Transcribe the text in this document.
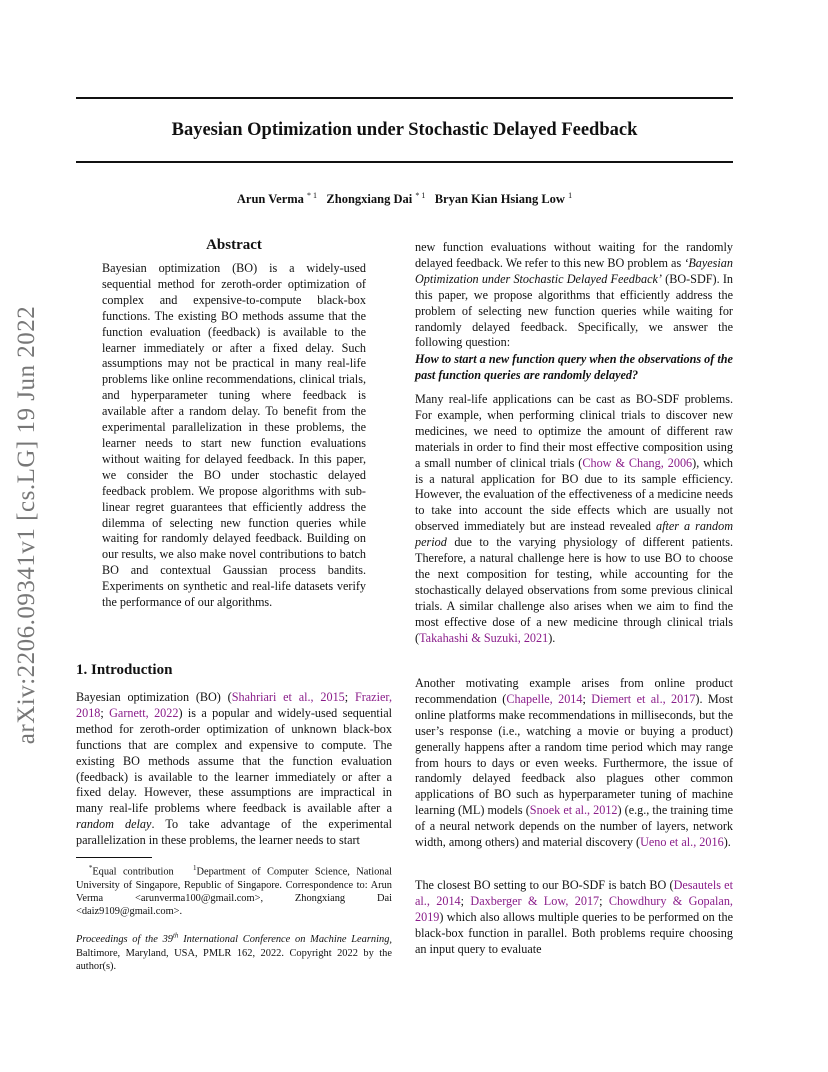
Bayesian Optimization under Stochastic Delayed Feedback
Arun Verma $^{* 1}$ Zhongxiang Dai $^{* 1}$ Bryan Kian Hsiang Low $^1$
arXiv:2206.09341v1 [cs.LG] 19 Jun 2022
Abstract

Bayesian optimization (BO) is a widely-used sequential method for zeroth-order optimization of complex and expensive-to-compute black-box functions. The existing BO methods assume that the function evaluation (feedback) is available to the learner immediately or after a fixed delay. Such assumptions may not be practical in many real-life problems like online recommendations, clinical trials, and hyperparameter tuning where feedback is available after a random delay. To benefit from the experimental parallelization in these problems, the learner needs to start new function evaluations without waiting for delayed feedback. In this paper, we consider the BO under stochastic delayed feedback problem. We propose algorithms with sub-linear regret guarantees that efficiently address the dilemma of selecting new function queries while waiting for randomly delayed feedback. Building on our results, we also make novel contributions to batch BO and contextual Gaussian process bandits. Experiments on synthetic and real-life datasets verify the performance of our algorithms.

1. Introduction

Bayesian optimization (BO) (Shahriari et al., 2015; Frazier, 2018; Garnett, 2022) is a popular and widely-used sequential method for zeroth-order optimization of unknown black-box functions that are complex and expensive to compute. The existing BO methods assume that the function evaluation (feedback) is available to the learner immediately or after a fixed delay. However, these assumptions are impractical in many real-life problems where feedback is available after a random delay. To take advantage of the experimental parallelization in these problems, the learner needs to start

*Equal contribution	$^1$Department of Computer Science, National University of Singapore, Republic of Singapore. Correspondence to: Arun Verma <arunverma100@gmail.com>, Zhongxiang Dai <daiz9109@gmail.com>.

Proceedings of the 39th International Conference on Machine Learning, Baltimore, Maryland, USA, PMLR 162, 2022. Copyright 2022 by the author(s).

new function evaluations without waiting for the randomly delayed feedback. We refer to this new BO problem as ‘Bayesian Optimization under Stochastic Delayed Feedback’ (BO-SDF). In this paper, we propose algorithms that efficiently address the problem of selecting new function queries while waiting for randomly delayed feedback. Specifically, we answer the following question:

How to start a new function query when the observations of the past function queries are randomly delayed?

Many real-life applications can be cast as BO-SDF problems. For example, when performing clinical trials to discover new medicines, we need to optimize the amount of different raw materials in order to find their most effective composition using a small number of clinical trials (Chow & Chang, 2006), which is a natural application for BO due to its sample efficiency. However, the evaluation of the effectiveness of a medicine needs to take into account the side effects which are usually not observed immediately but are instead revealed after a random period due to the varying physiology of different patients. Therefore, a natural challenge here is how to use BO to choose the next composition for testing, while accounting for the stochastically delayed observations from some previous clinical trials. A similar challenge also arises when we aim to find the most effective dose of a new medicine through clinical trials (Takahashi & Suzuki, 2021).

Another motivating example arises from online product recommendation (Chapelle, 2014; Diemert et al., 2017). Most online platforms make recommendations in milliseconds, but the user’s response (i.e., watching a movie or buying a product) generally happens after a random time period which may range from hours to days or even weeks. Furthermore, the issue of randomly delayed feedback also plagues other common applications of BO such as hyperparameter tuning of machine learning (ML) models (Snoek et al., 2012) (e.g., the training time of a neural network depends on the number of layers, network width, among others) and material discovery (Ueno et al., 2016).

The closest BO setting to our BO-SDF is batch BO (Desautels et al., 2014; Daxberger & Low, 2017; Chowdhury & Gopalan, 2019) which also allows multiple queries to be performed on the black-box function in parallel. Both problems require choosing an input query to evaluate
